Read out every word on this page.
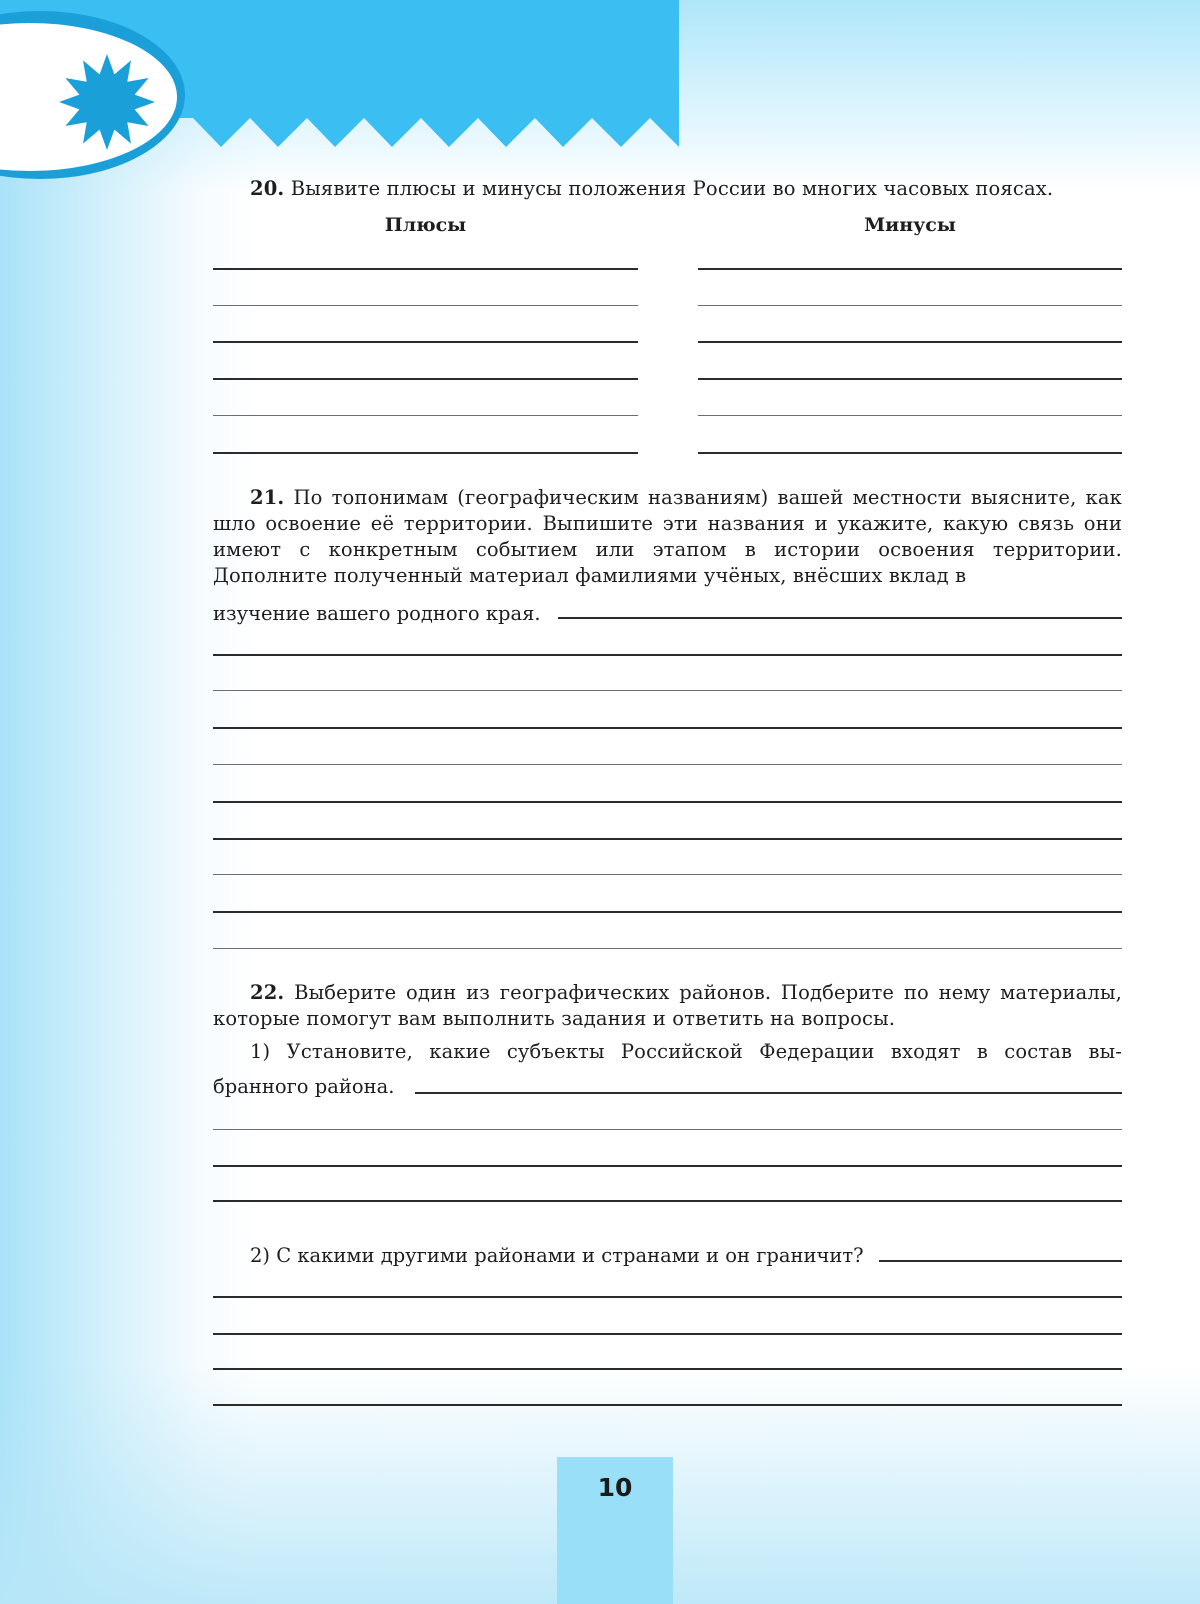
20. Выявите плюсы и минусы положения России во многих часовых поясах.
Плюсы	Минусы
21. По топонимам (географическим названиям) вашей местности выясните, как шло освоение её территории. Выпишите эти названия и укажите, какую связь они имеют с конкретным событием или этапом в истории освоения территории. Дополните полученный материал фамилиями учёных, внёсших вклад в
изучение вашего родного края.
22. Выберите один из географических районов. Подберите по нему материалы, которые помогут вам выполнить задания и ответить на вопросы.
1) Установите, какие субъекты Российской Федерации входят в состав вы-
бранного района.
2) С какими другими районами и странами и он граничит?
10
